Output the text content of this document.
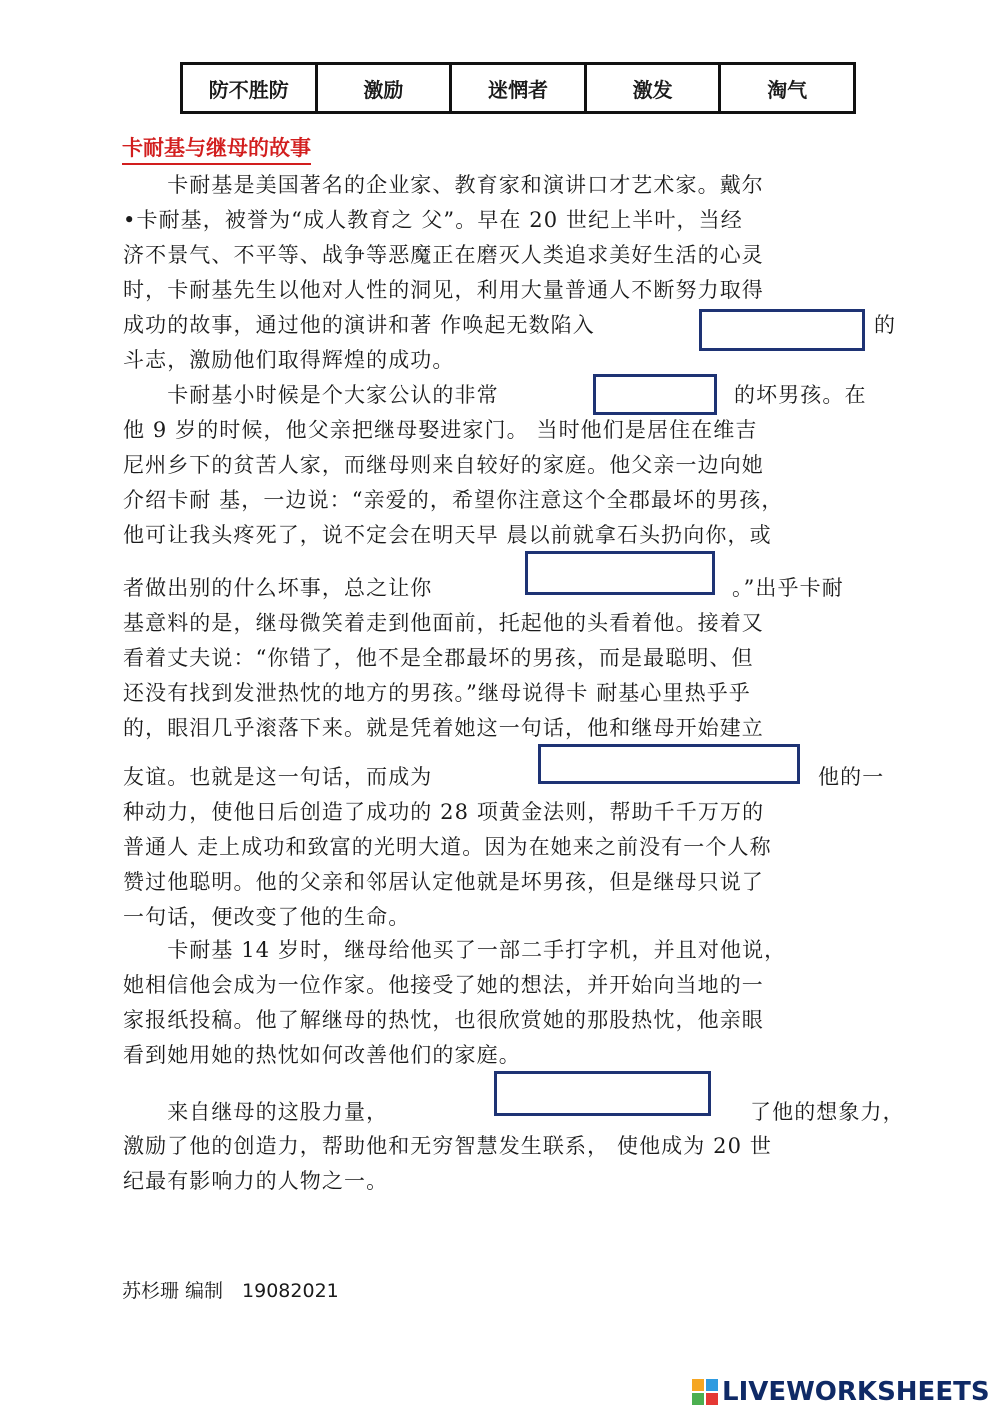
防不胜防	激励	迷惘者	激发	淘气
卡耐基与继母的故事
　　卡耐基是美国著名的企业家、教育家和演讲口才艺术家。戴尔
•卡耐基，被誉为“成人教育之 父”。早在 20 世纪上半叶，当经
济不景气、不平等、战争等恶魔正在磨灭人类追求美好生活的心灵
时，卡耐基先生以他对人性的洞见，利用大量普通人不断努力取得
成功的故事，通过他的演讲和著 作唤起无数陷入	的
斗志，激励他们取得辉煌的成功。
　　卡耐基小时候是个大家公认的非常	的坏男孩。在
他 9 岁的时候，他父亲把继母娶进家门。 当时他们是居住在维吉
尼州乡下的贫苦人家，而继母则来自较好的家庭。他父亲一边向她
介绍卡耐 基，一边说：“亲爱的，希望你注意这个全郡最坏的男孩，
他可让我头疼死了，说不定会在明天早 晨以前就拿石头扔向你，或
者做出别的什么坏事，总之让你	。”出乎卡耐
基意料的是，继母微笑着走到他面前，托起他的头看着他。接着又
看着丈夫说：“你错了，他不是全郡最坏的男孩，而是最聪明、但
还没有找到发泄热忱的地方的男孩。”继母说得卡 耐基心里热乎乎
的，眼泪几乎滚落下来。就是凭着她这一句话，他和继母开始建立
友谊。也就是这一句话，而成为	他的一
种动力，使他日后创造了成功的 28 项黄金法则，帮助千千万万的
普通人 走上成功和致富的光明大道。因为在她来之前没有一个人称
赞过他聪明。他的父亲和邻居认定他就是坏男孩，但是继母只说了
一句话，便改变了他的生命。
　　卡耐基 14 岁时，继母给他买了一部二手打字机，并且对他说，
她相信他会成为一位作家。他接受了她的想法，并开始向当地的一
家报纸投稿。他了解继母的热忱，也很欣赏她的那股热忱，他亲眼
看到她用她的热忱如何改善他们的家庭。
　　来自继母的这股力量，	了他的想象力，
激励了他的创造力，帮助他和无穷智慧发生联系， 使他成为 20 世
纪最有影响力的人物之一。
苏杉珊 编制　19082021
LIVEWORKSHEETS
